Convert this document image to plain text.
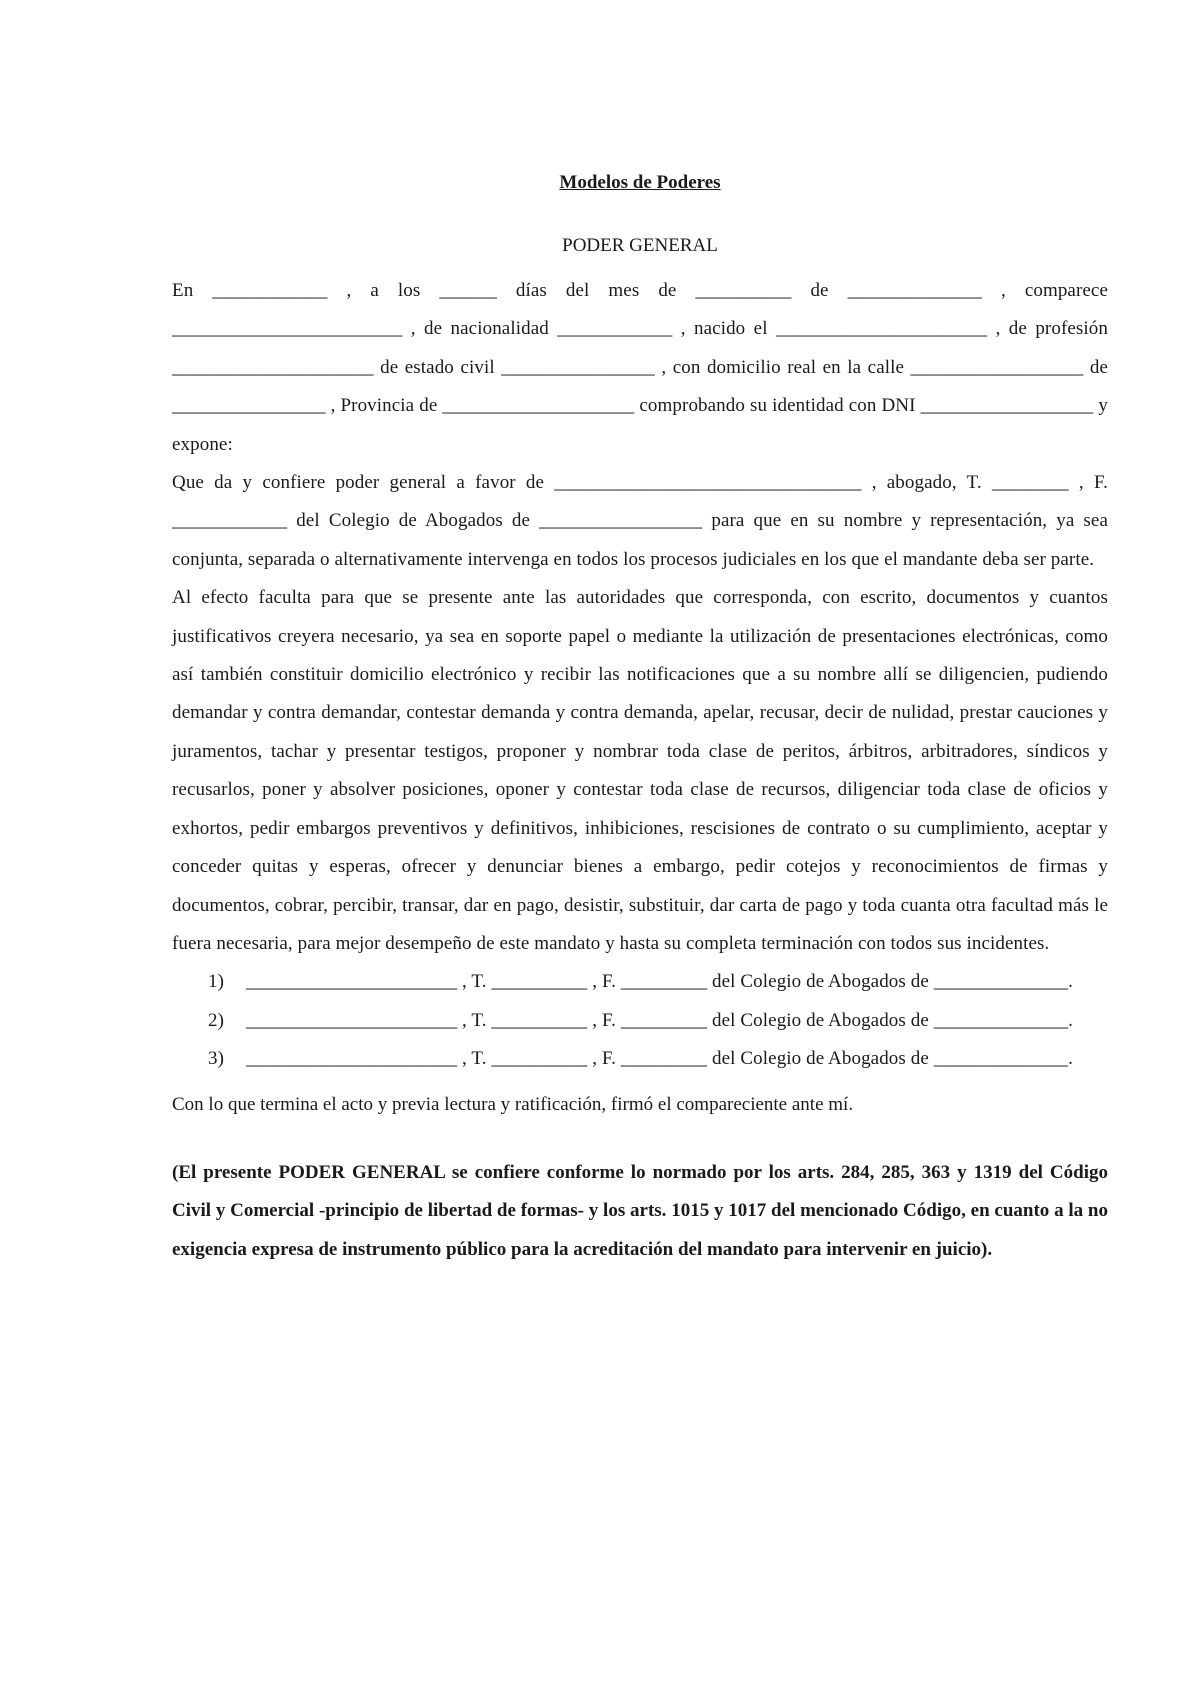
Modelos de Poderes

PODER GENERAL

En ____________ , a los ______ días del mes de __________ de ______________ , comparece ________________________ , de nacionalidad ____________ , nacido el ______________________ , de profesión _____________________ de estado civil ________________ , con domicilio real en la calle __________________ de ________________ , Provincia de ____________________ comprobando su identidad con DNI __________________ y expone:

Que da y confiere poder general a favor de ________________________________ , abogado, T. ________ , F. ____________ del Colegio de Abogados de _________________ para que en su nombre y representación, ya sea conjunta, separada o alternativamente intervenga en todos los procesos judiciales en los que el mandante deba ser parte.

Al efecto faculta para que se presente ante las autoridades que corresponda, con escrito, documentos y cuantos justificativos creyera necesario, ya sea en soporte papel o mediante la utilización de presentaciones electrónicas, como así también constituir domicilio electrónico y recibir las notificaciones que a su nombre allí se diligencien, pudiendo demandar y contra demandar, contestar demanda y contra demanda, apelar, recusar, decir de nulidad, prestar cauciones y juramentos, tachar y presentar testigos, proponer y nombrar toda clase de peritos, árbitros, arbitradores, síndicos y recusarlos, poner y absolver posiciones, oponer y contestar toda clase de recursos, diligenciar toda clase de oficios y exhortos, pedir embargos preventivos y definitivos, inhibiciones, rescisiones de contrato o su cumplimiento, aceptar y conceder quitas y esperas, ofrecer y denunciar bienes a embargo, pedir cotejos y reconocimientos de firmas y documentos, cobrar, percibir, transar, dar en pago, desistir, substituir, dar carta de pago y toda cuanta otra facultad más le fuera necesaria, para mejor desempeño de este mandato y hasta su completa terminación con todos sus incidentes.

1) ______________________ , T. __________ , F. _________ del Colegio de Abogados de ______________.
2) ______________________ , T. __________ , F. _________ del Colegio de Abogados de ______________.
3) ______________________ , T. __________ , F. _________ del Colegio de Abogados de ______________.

Con lo que termina el acto y previa lectura y ratificación, firmó el compareciente ante mí.

(El presente PODER GENERAL se confiere conforme lo normado por los arts. 284, 285, 363 y 1319 del Código Civil y Comercial -principio de libertad de formas- y los arts. 1015 y 1017 del mencionado Código, en cuanto a la no exigencia expresa de instrumento público para la acreditación del mandato para intervenir en juicio).
